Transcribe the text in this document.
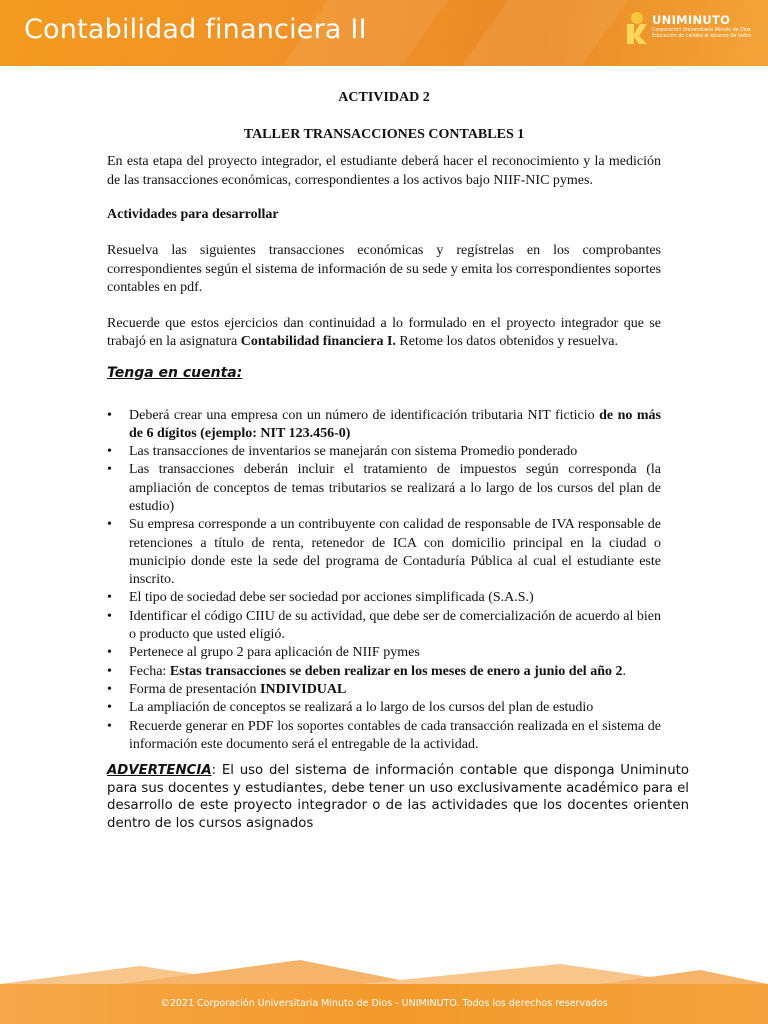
Contabilidad financiera II	UNIMINUTO
Corporación Universitaria Minuto de Dios
Educación de calidad al alcance de todos
ACTIVIDAD 2
TALLER TRANSACCIONES CONTABLES 1

En esta etapa del proyecto integrador, el estudiante deberá hacer el reconocimiento y la medición de las transacciones económicas, correspondientes a los activos bajo NIIF-NIC pymes.

Actividades para desarrollar

Resuelva las siguientes transacciones económicas y regístrelas en los comprobantes correspondientes según el sistema de información de su sede y emita los correspondientes soportes contables en pdf.

Recuerde que estos ejercicios dan continuidad a lo formulado en el proyecto integrador que se trabajó en la asignatura Contabilidad financiera I. Retome los datos obtenidos y resuelva.

Tenga en cuenta:
• Deberá crear una empresa con un número de identificación tributaria NIT ficticio de no más de 6 dígitos (ejemplo: NIT 123.456-0)
• Las transacciones de inventarios se manejarán con sistema Promedio ponderado
• Las transacciones deberán incluir el tratamiento de impuestos según corresponda (la ampliación de conceptos de temas tributarios se realizará a lo largo de los cursos del plan de estudio)
• Su empresa corresponde a un contribuyente con calidad de responsable de IVA responsable de retenciones a título de renta, retenedor de ICA con domicilio principal en la ciudad o municipio donde este la sede del programa de Contaduría Pública al cual el estudiante este inscrito.
• El tipo de sociedad debe ser sociedad por acciones simplificada (S.A.S.)
• Identificar el código CIIU de su actividad, que debe ser de comercialización de acuerdo al bien o producto que usted eligió.
• Pertenece al grupo 2 para aplicación de NIIF pymes
• Fecha: Estas transacciones se deben realizar en los meses de enero a junio del año 2.
• Forma de presentación INDIVIDUAL
• La ampliación de conceptos se realizará a lo largo de los cursos del plan de estudio
• Recuerde generar en PDF los soportes contables de cada transacción realizada en el sistema de información este documento será el entregable de la actividad.
ADVERTENCIA: El uso del sistema de información contable que disponga Uniminuto para sus docentes y estudiantes, debe tener un uso exclusivamente académico para el desarrollo de este proyecto integrador o de las actividades que los docentes orienten dentro de los cursos asignados
©2021 Corporación Universitaria Minuto de Dios - UNIMINUTO. Todos los derechos reservados
